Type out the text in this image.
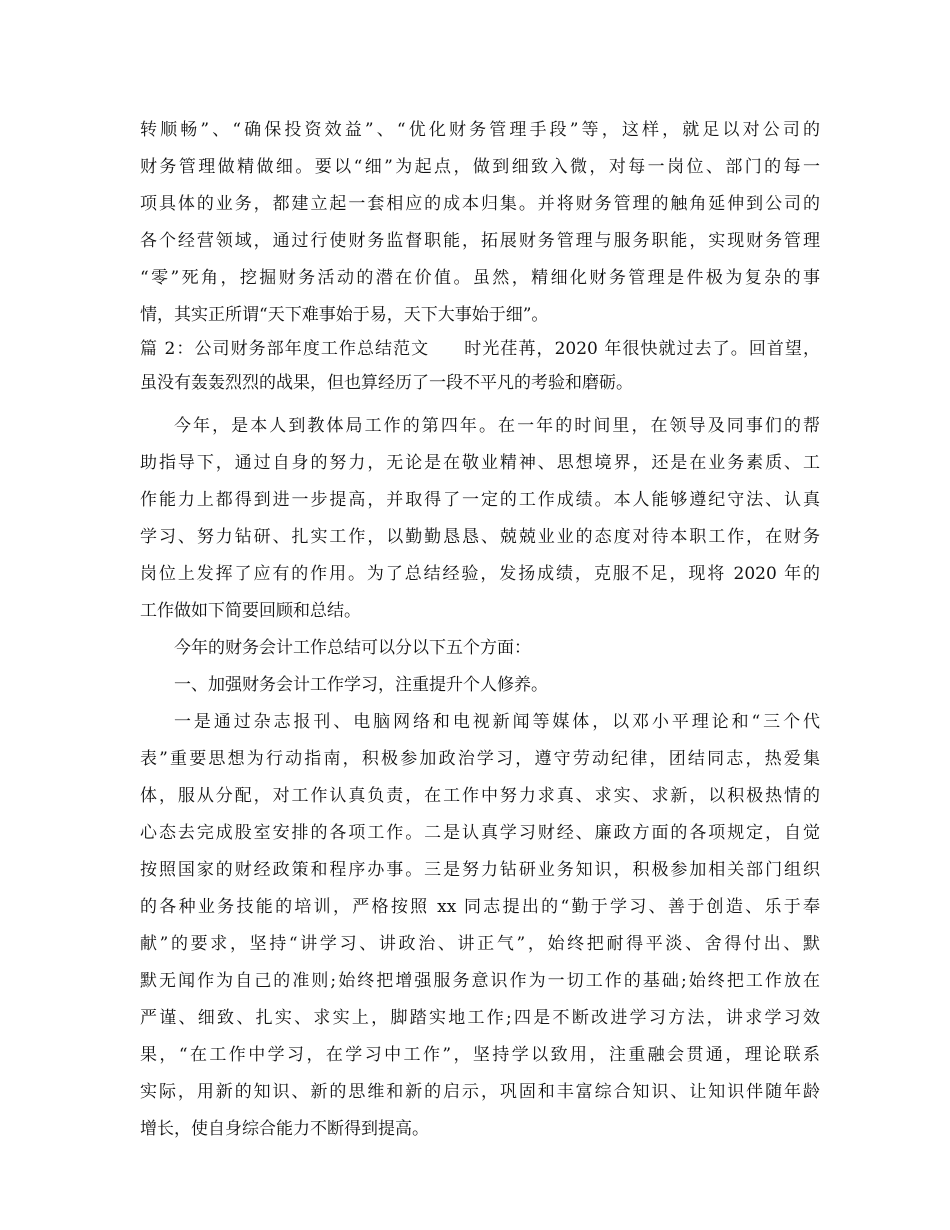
转顺畅”、“确保投资效益”、“优化财务管理手段”等，这样，就足以对公司的
财务管理做精做细。要以“细”为起点，做到细致入微，对每一岗位、部门的每一
项具体的业务，都建立起一套相应的成本归集。并将财务管理的触角延伸到公司的
各个经营领域，通过行使财务监督职能，拓展财务管理与服务职能，实现财务管理
“零”死角，挖掘财务活动的潜在价值。虽然，精细化财务管理是件极为复杂的事
情，其实正所谓“天下难事始于易，天下大事始于细”。
篇 2：公司财务部年度工作总结范文 时光荏苒，2020 年很快就过去了。回首望，
虽没有轰轰烈烈的战果，但也算经历了一段不平凡的考验和磨砺。
今年，是本人到教体局工作的第四年。在一年的时间里，在领导及同事们的帮
助指导下，通过自身的努力，无论是在敬业精神、思想境界，还是在业务素质、工
作能力上都得到进一步提高，并取得了一定的工作成绩。本人能够遵纪守法、认真
学习、努力钻研、扎实工作，以勤勤恳恳、兢兢业业的态度对待本职工作，在财务
岗位上发挥了应有的作用。为了总结经验，发扬成绩，克服不足，现将 2020 年的
工作做如下简要回顾和总结。
今年的财务会计工作总结可以分以下五个方面：
一、加强财务会计工作学习，注重提升个人修养。
一是通过杂志报刊、电脑网络和电视新闻等媒体，以邓小平理论和“三个代
表”重要思想为行动指南，积极参加政治学习，遵守劳动纪律，团结同志，热爱集
体，服从分配，对工作认真负责，在工作中努力求真、求实、求新，以积极热情的
心态去完成股室安排的各项工作。二是认真学习财经、廉政方面的各项规定，自觉
按照国家的财经政策和程序办事。三是努力钻研业务知识，积极参加相关部门组织
的各种业务技能的培训，严格按照 xx 同志提出的“勤于学习、善于创造、乐于奉
献”的要求，坚持“讲学习、讲政治、讲正气”，始终把耐得平淡、舍得付出、默
默无闻作为自己的准则;始终把增强服务意识作为一切工作的基础;始终把工作放在
严谨、细致、扎实、求实上，脚踏实地工作;四是不断改进学习方法，讲求学习效
果，“在工作中学习，在学习中工作”，坚持学以致用，注重融会贯通，理论联系
实际，用新的知识、新的思维和新的启示，巩固和丰富综合知识、让知识伴随年龄
增长，使自身综合能力不断得到提高。
